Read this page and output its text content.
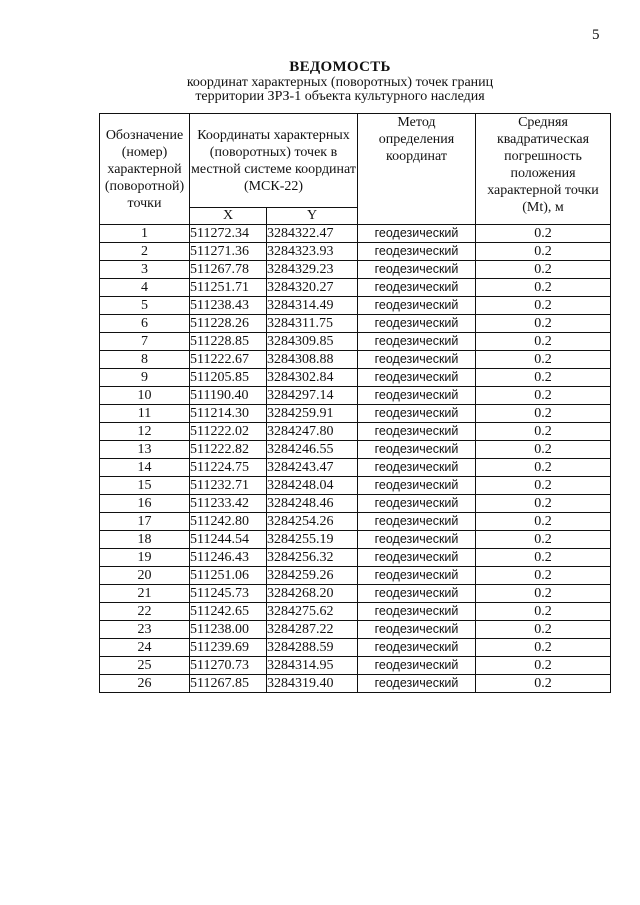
5
ВЕДОМОСТЬ
координат характерных (поворотных) точек границ
территории ЗРЗ-1 объекта культурного наследия
Обозначение (номер) характерной (поворотной) точки	Координаты характерных (поворотных) точек в местной системе координат (МСК-22)		Метод определения координат	Средняя квадратическая погрешность положения характерной точки (Mt), м
	X	Y		
1	511272.34	3284322.47	геодезический	0.2
2	511271.36	3284323.93	геодезический	0.2
3	511267.78	3284329.23	геодезический	0.2
4	511251.71	3284320.27	геодезический	0.2
5	511238.43	3284314.49	геодезический	0.2
6	511228.26	3284311.75	геодезический	0.2
7	511228.85	3284309.85	геодезический	0.2
8	511222.67	3284308.88	геодезический	0.2
9	511205.85	3284302.84	геодезический	0.2
10	511190.40	3284297.14	геодезический	0.2
11	511214.30	3284259.91	геодезический	0.2
12	511222.02	3284247.80	геодезический	0.2
13	511222.82	3284246.55	геодезический	0.2
14	511224.75	3284243.47	геодезический	0.2
15	511232.71	3284248.04	геодезический	0.2
16	511233.42	3284248.46	геодезический	0.2
17	511242.80	3284254.26	геодезический	0.2
18	511244.54	3284255.19	геодезический	0.2
19	511246.43	3284256.32	геодезический	0.2
20	511251.06	3284259.26	геодезический	0.2
21	511245.73	3284268.20	геодезический	0.2
22	511242.65	3284275.62	геодезический	0.2
23	511238.00	3284287.22	геодезический	0.2
24	511239.69	3284288.59	геодезический	0.2
25	511270.73	3284314.95	геодезический	0.2
26	511267.85	3284319.40	геодезический	0.2
